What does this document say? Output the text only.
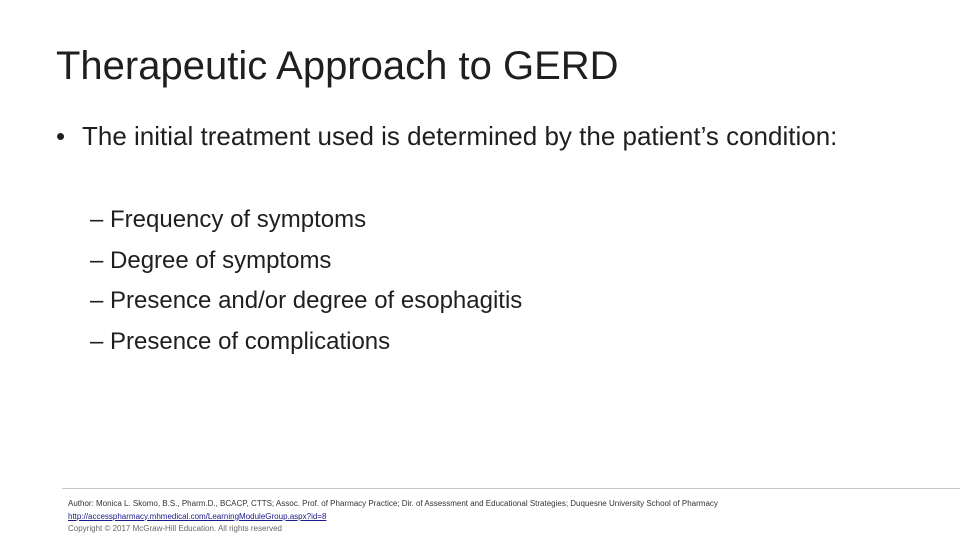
Therapeutic Approach to GERD
• The initial treatment used is determined by the patient’s condition:
– Frequency of symptoms
– Degree of symptoms
– Presence and/or degree of esophagitis
– Presence of complications
Author: Monica L. Skomo, B.S., Pharm.D., BCACP, CTTS; Assoc. Prof. of Pharmacy Practice; Dir. of Assessment and Educational Strategies; Duquesne University School of Pharmacy
http://accesspharmacy.mhmedical.com/LearningModuleGroup.aspx?id=8
Copyright © 2017 McGraw-Hill Education. All rights reserved
